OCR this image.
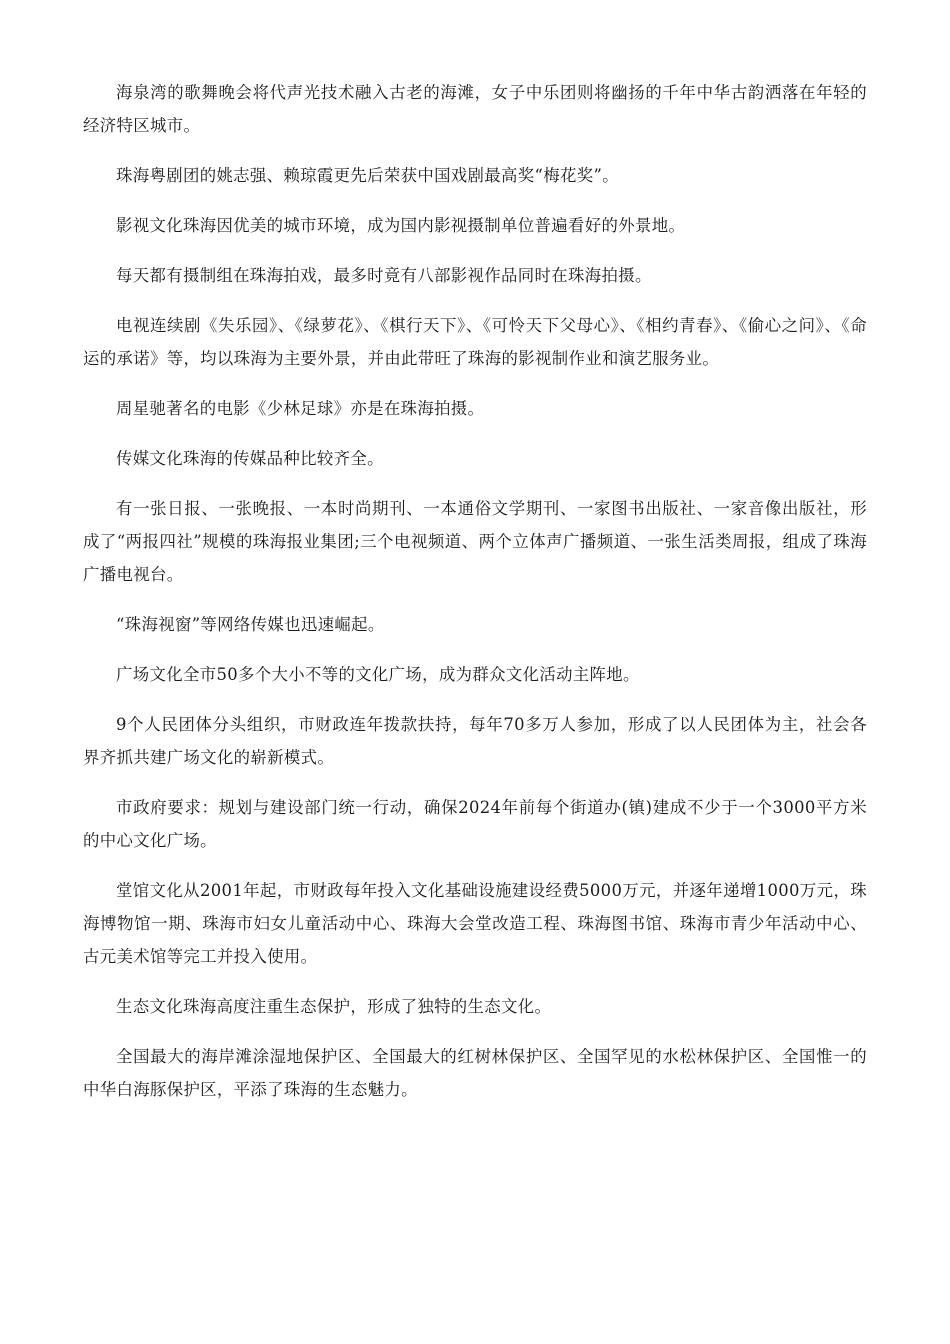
海泉湾的歌舞晚会将代声光技术融入古老的海滩，女子中乐团则将幽扬的千年中华古韵洒落在年轻的经济特区城市。

珠海粤剧团的姚志强、赖琼霞更先后荣获中国戏剧最高奖“梅花奖”。

影视文化珠海因优美的城市环境，成为国内影视摄制单位普遍看好的外景地。

每天都有摄制组在珠海拍戏，最多时竟有八部影视作品同时在珠海拍摄。

电视连续剧《失乐园》、《绿萝花》、《棋行天下》、《可怜天下父母心》、《相约青春》、《偷心之问》、《命运的承诺》等，均以珠海为主要外景，并由此带旺了珠海的影视制作业和演艺服务业。

周星驰著名的电影《少林足球》亦是在珠海拍摄。

传媒文化珠海的传媒品种比较齐全。

有一张日报、一张晚报、一本时尚期刊、一本通俗文学期刊、一家图书出版社、一家音像出版社，形成了“两报四社”规模的珠海报业集团;三个电视频道、两个立体声广播频道、一张生活类周报，组成了珠海广播电视台。

“珠海视窗”等网络传媒也迅速崛起。

广场文化全市50多个大小不等的文化广场，成为群众文化活动主阵地。

9个人民团体分头组织，市财政连年拨款扶持，每年70多万人参加，形成了以人民团体为主，社会各界齐抓共建广场文化的崭新模式。

市政府要求：规划与建设部门统一行动，确保2024年前每个街道办(镇)建成不少于一个3000平方米的中心文化广场。

堂馆文化从2001年起，市财政每年投入文化基础设施建设经费5000万元，并逐年递增1000万元，珠海博物馆一期、珠海市妇女儿童活动中心、珠海大会堂改造工程、珠海图书馆、珠海市青少年活动中心、古元美术馆等完工并投入使用。

生态文化珠海高度注重生态保护，形成了独特的生态文化。

全国最大的海岸滩涂湿地保护区、全国最大的红树林保护区、全国罕见的水松林保护区、全国惟一的中华白海豚保护区，平添了珠海的生态魅力。
